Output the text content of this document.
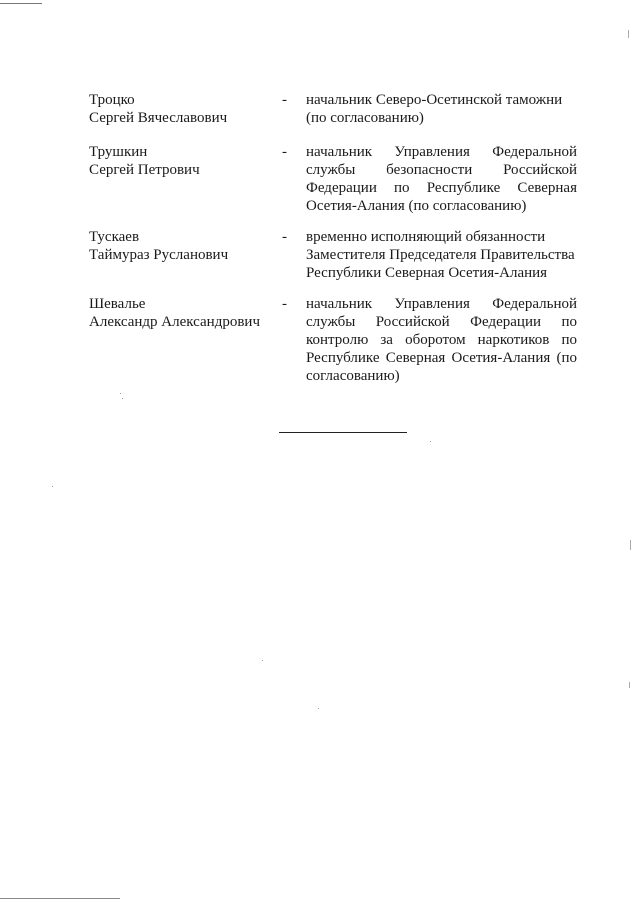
Троцко
Сергей Вячеславович
- начальник Северо-Осетинской таможни
(по согласованию)
Трушкин
Сергей Петрович
- начальник Управления Федеральной
службы безопасности Российской
Федерации по Республике Северная
Осетия-Алания (по согласованию)
Тускаев
Таймураз Русланович
- временно исполняющий обязанности
Заместителя Председателя Правительства
Республики Северная Осетия-Алания
Шевалье
Александр Александрович
- начальник Управления Федеральной
службы Российской Федерации по
контролю за оборотом наркотиков по
Республике Северная Осетия-Алания (по
согласованию)
